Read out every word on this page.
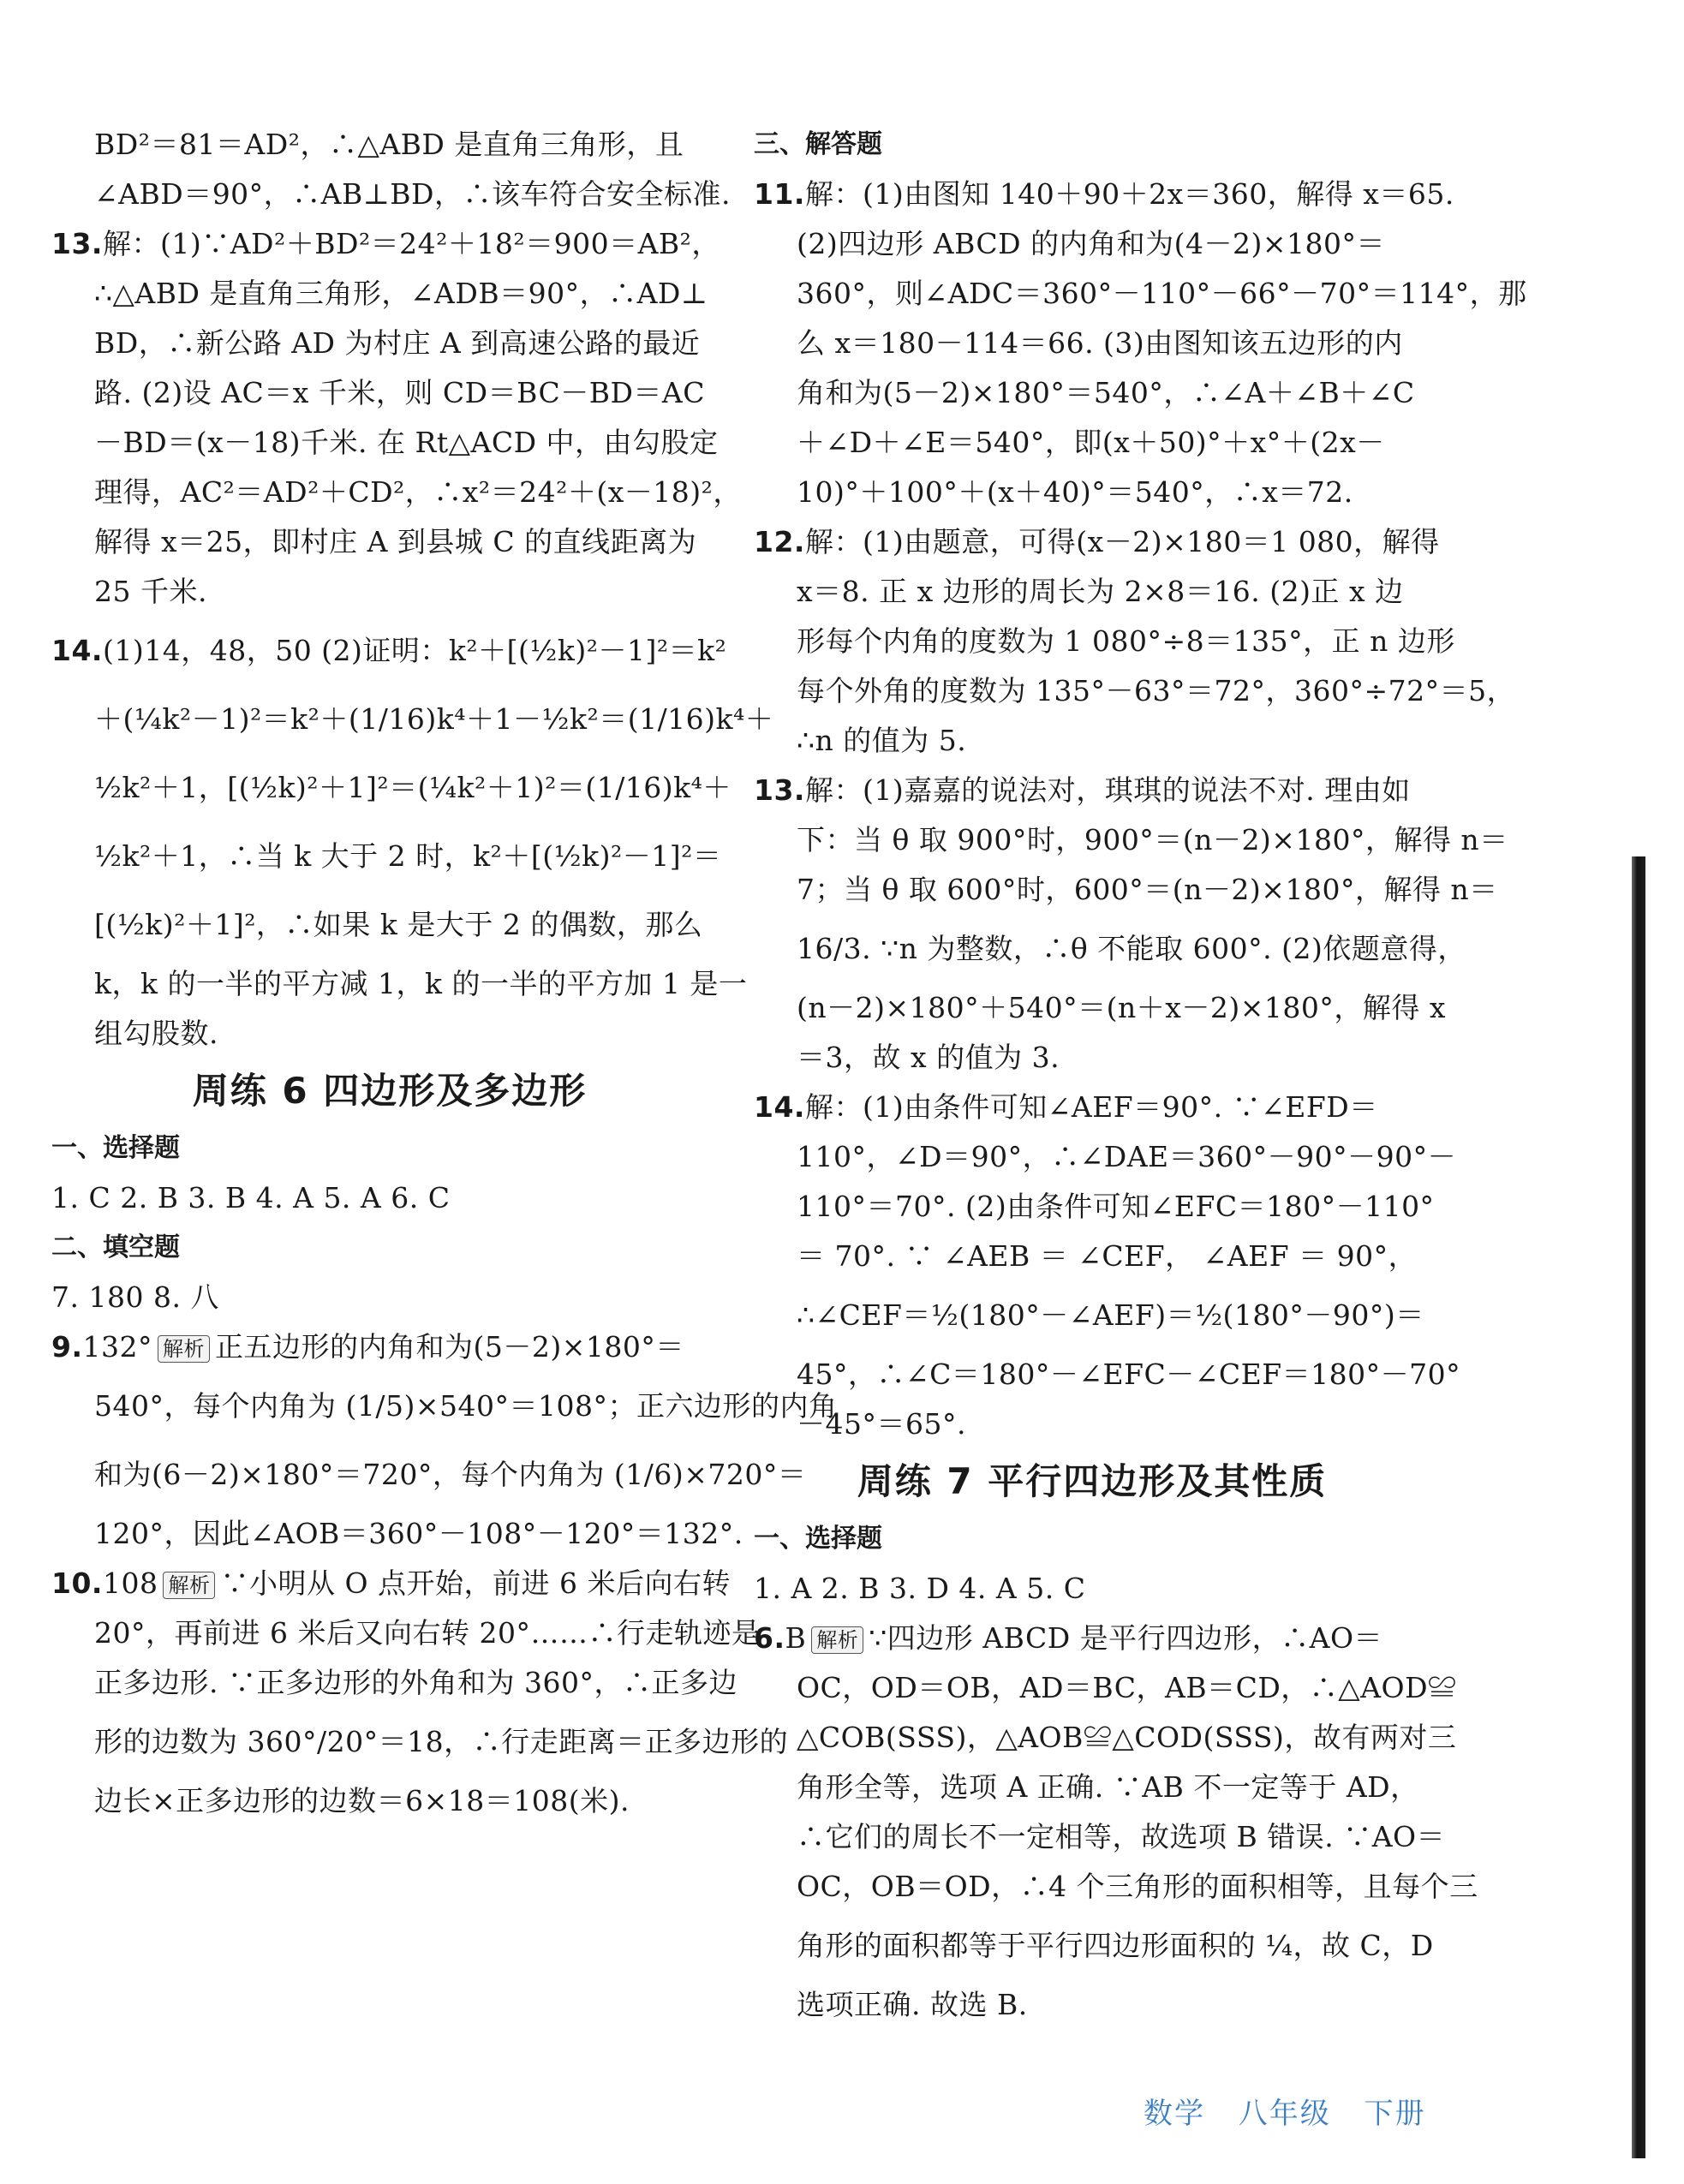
BD²＝81＝AD²，∴△ABD 是直角三角形，且
∠ABD＝90°，∴AB⊥BD，∴该车符合安全标准.
13.解：(1)∵AD²＋BD²＝24²＋18²＝900＝AB²，
∴△ABD 是直角三角形，∠ADB＝90°，∴AD⊥
BD，∴新公路 AD 为村庄 A 到高速公路的最近
路. (2)设 AC＝x 千米，则 CD＝BC－BD＝AC
－BD＝(x－18)千米. 在 Rt△ACD 中，由勾股定
理得，AC²＝AD²＋CD²，∴x²＝24²＋(x－18)²，
解得 x＝25，即村庄 A 到县城 C 的直线距离为
25 千米.
14.(1)14，48，50 (2)证明：k²＋[(½k)²－1]²＝k²
＋(¼k²－1)²＝k²＋(1/16)k⁴＋1－½k²＝(1/16)k⁴＋
½k²＋1，[(½k)²＋1]²＝(¼k²＋1)²＝(1/16)k⁴＋
½k²＋1，∴当 k 大于 2 时，k²＋[(½k)²－1]²＝
[(½k)²＋1]²，∴如果 k 是大于 2 的偶数，那么
k，k 的一半的平方减 1，k 的一半的平方加 1 是一
组勾股数.
周练 6 四边形及多边形
一、选择题
1. C 2. B 3. B 4. A 5. A 6. C
二、填空题
7. 180 8. 八
9.132° 解析 正五边形的内角和为(5－2)×180°＝
540°，每个内角为 (1/5)×540°＝108°；正六边形的内角
和为(6－2)×180°＝720°，每个内角为 (1/6)×720°＝
120°，因此∠AOB＝360°－108°－120°＝132°.
10.108 解析 ∵小明从 O 点开始，前进 6 米后向右转
20°，再前进 6 米后又向右转 20°……∴行走轨迹是
正多边形. ∵正多边形的外角和为 360°，∴正多边
形的边数为 360°/20°＝18，∴行走距离＝正多边形的
边长×正多边形的边数＝6×18＝108(米).
三、解答题
11.解：(1)由图知 140＋90＋2x＝360，解得 x＝65.
(2)四边形 ABCD 的内角和为(4－2)×180°＝
360°，则∠ADC＝360°－110°－66°－70°＝114°，那
么 x＝180－114＝66. (3)由图知该五边形的内
角和为(5－2)×180°＝540°，∴∠A＋∠B＋∠C
＋∠D＋∠E＝540°，即(x＋50)°＋x°＋(2x－
10)°＋100°＋(x＋40)°＝540°，∴x＝72.
12.解：(1)由题意，可得(x－2)×180＝1 080，解得
x＝8. 正 x 边形的周长为 2×8＝16. (2)正 x 边
形每个内角的度数为 1 080°÷8＝135°，正 n 边形
每个外角的度数为 135°－63°＝72°，360°÷72°＝5，
∴n 的值为 5.
13.解：(1)嘉嘉的说法对，琪琪的说法不对. 理由如
下：当 θ 取 900°时，900°＝(n－2)×180°，解得 n＝
7；当 θ 取 600°时，600°＝(n－2)×180°，解得 n＝
16/3. ∵n 为整数，∴θ 不能取 600°. (2)依题意得，
(n－2)×180°＋540°＝(n＋x－2)×180°，解得 x
＝3，故 x 的值为 3.
14.解：(1)由条件可知∠AEF＝90°. ∵∠EFD＝
110°，∠D＝90°，∴∠DAE＝360°－90°－90°－
110°＝70°. (2)由条件可知∠EFC＝180°－110°
＝ 70°. ∵ ∠AEB ＝ ∠CEF， ∠AEF ＝ 90°，
∴∠CEF＝½(180°－∠AEF)＝½(180°－90°)＝
45°，∴∠C＝180°－∠EFC－∠CEF＝180°－70°
－45°＝65°.
周练 7 平行四边形及其性质
一、选择题
1. A 2. B 3. D 4. A 5. C
6.B 解析 ∵四边形 ABCD 是平行四边形，∴AO＝
OC，OD＝OB，AD＝BC，AB＝CD，∴△AOD≌
△COB(SSS)，△AOB≌△COD(SSS)，故有两对三
角形全等，选项 A 正确. ∵AB 不一定等于 AD，
∴它们的周长不一定相等，故选项 B 错误. ∵AO＝
OC，OB＝OD，∴4 个三角形的面积相等，且每个三
角形的面积都等于平行四边形面积的 ¼，故 C，D
选项正确. 故选 B.
数学 八年级 下册
